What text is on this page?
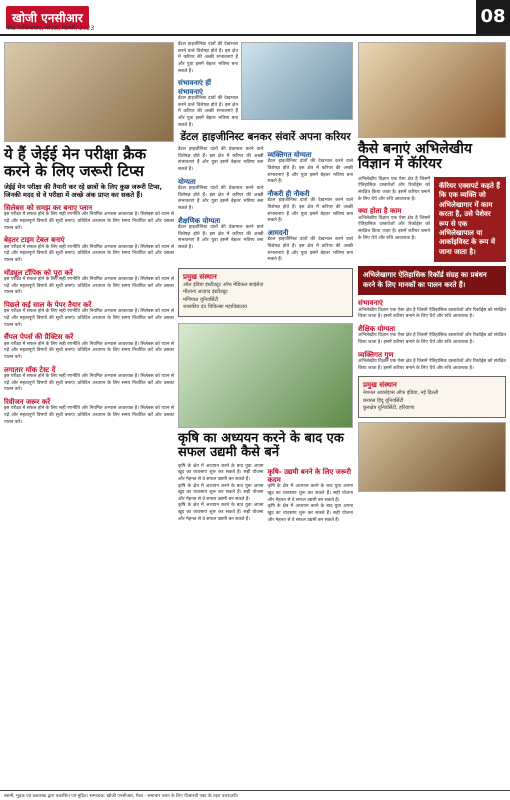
खोजी एनसीआर
मेरठ गाजियाबाद, नोएडा, दिल्ली, 2023
08
ये हैं जेईई मेन परीक्षा क्रैक करने के लिए जरूरी टिप्स

जेईई मेन परीक्षा की तैयारी कर रहे छात्रों के लिए कुछ जरूरी टिप्स, जिनकी मदद से वे परीक्षा में अच्छे अंक प्राप्त कर सकते हैं।

सिलेबस को समझ कर बनाए प्लान

इस परीक्षा में सफल होने के लिए सही रणनीति और नियमित अभ्यास आवश्यक है। सिलेबस को ध्यान से पढ़ें और महत्वपूर्ण विषयों की सूची बनाएं। प्रतिदिन अध्ययन के लिए समय निर्धारित करें और उसका पालन करें।

बेहतर टाइम टेबल बनाएं

इस परीक्षा में सफल होने के लिए सही रणनीति और नियमित अभ्यास आवश्यक है। सिलेबस को ध्यान से पढ़ें और महत्वपूर्ण विषयों की सूची बनाएं। प्रतिदिन अध्ययन के लिए समय निर्धारित करें और उसका पालन करें।

मॉड्यूल टॉपिक को पूरा करें

इस परीक्षा में सफल होने के लिए सही रणनीति और नियमित अभ्यास आवश्यक है। सिलेबस को ध्यान से पढ़ें और महत्वपूर्ण विषयों की सूची बनाएं। प्रतिदिन अध्ययन के लिए समय निर्धारित करें और उसका पालन करें।

पिछले कई साल के पेपर तैयार करें

इस परीक्षा में सफल होने के लिए सही रणनीति और नियमित अभ्यास आवश्यक है। सिलेबस को ध्यान से पढ़ें और महत्वपूर्ण विषयों की सूची बनाएं। प्रतिदिन अध्ययन के लिए समय निर्धारित करें और उसका पालन करें।

सैंपल पेपर्स की प्रैक्टिस करें

इस परीक्षा में सफल होने के लिए सही रणनीति और नियमित अभ्यास आवश्यक है। सिलेबस को ध्यान से पढ़ें और महत्वपूर्ण विषयों की सूची बनाएं। प्रतिदिन अध्ययन के लिए समय निर्धारित करें और उसका पालन करें।

लगातार मॉक टेस्ट दें

इस परीक्षा में सफल होने के लिए सही रणनीति और नियमित अभ्यास आवश्यक है। सिलेबस को ध्यान से पढ़ें और महत्वपूर्ण विषयों की सूची बनाएं। प्रतिदिन अध्ययन के लिए समय निर्धारित करें और उसका पालन करें।

रिवीजन जरूर करें

इस परीक्षा में सफल होने के लिए सही रणनीति और नियमित अभ्यास आवश्यक है। सिलेबस को ध्यान से पढ़ें और महत्वपूर्ण विषयों की सूची बनाएं। प्रतिदिन अध्ययन के लिए समय निर्धारित करें और उसका पालन करें।

डेंटल हाइजीनिस्ट दांतों की देखभाल करने वाले विशेषज्ञ होते हैं। इस क्षेत्र में करियर की अच्छी संभावनाएं हैं और युवा इसमें बेहतर भविष्य बना सकते हैं।

संभावनाएं हीं संभावनाएं

डेंटल हाइजीनिस्ट दांतों की देखभाल करने वाले विशेषज्ञ होते हैं। इस क्षेत्र में करियर की अच्छी संभावनाएं हैं और युवा इसमें बेहतर भविष्य बना सकते हैं।

डेंटल हाइजीनिस्ट बनकर संवारें अपना करियर

डेंटल हाइजीनिस्ट दांतों की देखभाल करने वाले विशेषज्ञ होते हैं। इस क्षेत्र में करियर की अच्छी संभावनाएं हैं और युवा इसमें बेहतर भविष्य बना सकते हैं।

योग्यता

डेंटल हाइजीनिस्ट दांतों की देखभाल करने वाले विशेषज्ञ होते हैं। इस क्षेत्र में करियर की अच्छी संभावनाएं हैं और युवा इसमें बेहतर भविष्य बना सकते हैं।

शैक्षणिक योग्यता

डेंटल हाइजीनिस्ट दांतों की देखभाल करने वाले विशेषज्ञ होते हैं। इस क्षेत्र में करियर की अच्छी संभावनाएं हैं और युवा इसमें बेहतर भविष्य बना सकते हैं।

व्यक्तिगत योग्यता

डेंटल हाइजीनिस्ट दांतों की देखभाल करने वाले विशेषज्ञ होते हैं। इस क्षेत्र में करियर की अच्छी संभावनाएं हैं और युवा इसमें बेहतर भविष्य बना सकते हैं।

नौकरी ही नौकरी

डेंटल हाइजीनिस्ट दांतों की देखभाल करने वाले विशेषज्ञ होते हैं। इस क्षेत्र में करियर की अच्छी संभावनाएं हैं और युवा इसमें बेहतर भविष्य बना सकते हैं।

आमदनी

डेंटल हाइजीनिस्ट दांतों की देखभाल करने वाले विशेषज्ञ होते हैं। इस क्षेत्र में करियर की अच्छी संभावनाएं हैं और युवा इसमें बेहतर भविष्य बना सकते हैं।

प्रमुख संस्थान
ऑल इंडिया इंस्टीट्यूट ऑफ मेडिकल साइंसेज़
मौलाना आज़ाद इंस्टीट्यूट
मणिपाल यूनिवर्सिटी
शासकीय दंत चिकित्सा महाविद्यालय
कृषि का अध्ययन करने के बाद एक सफल उद्यमी कैसे बनें

कृषि के क्षेत्र में अध्ययन करने के बाद युवा अपना खुद का व्यवसाय शुरू कर सकते हैं। सही योजना और मेहनत से वे सफल उद्यमी बन सकते हैं।

कृषि के क्षेत्र में अध्ययन करने के बाद युवा अपना खुद का व्यवसाय शुरू कर सकते हैं। सही योजना और मेहनत से वे सफल उद्यमी बन सकते हैं।

कृषि के क्षेत्र में अध्ययन करने के बाद युवा अपना खुद का व्यवसाय शुरू कर सकते हैं। सही योजना और मेहनत से वे सफल उद्यमी बन सकते हैं।

कृषि- उद्यमी बनने के लिए जरूरी कदम

कृषि के क्षेत्र में अध्ययन करने के बाद युवा अपना खुद का व्यवसाय शुरू कर सकते हैं। सही योजना और मेहनत से वे सफल उद्यमी बन सकते हैं।

कृषि के क्षेत्र में अध्ययन करने के बाद युवा अपना खुद का व्यवसाय शुरू कर सकते हैं। सही योजना और मेहनत से वे सफल उद्यमी बन सकते हैं।

कैसे बनाएं अभिलेखीय विज्ञान में कॅरियर

अभिलेखीय विज्ञान एक ऐसा क्षेत्र है जिसमें ऐतिहासिक दस्तावेजों और रिकॉर्ड्स को संरक्षित किया जाता है। इसमें करियर बनाने के लिए धैर्य और रुचि आवश्यक है।

क्या होता है काम

अभिलेखीय विज्ञान एक ऐसा क्षेत्र है जिसमें ऐतिहासिक दस्तावेजों और रिकॉर्ड्स को संरक्षित किया जाता है। इसमें करियर बनाने के लिए धैर्य और रुचि आवश्यक है।

कॅरियर एक्सपर्ट कहते हैं कि एक व्यक्ति जो अभिलेखागार में काम करता है, उसे पेशेवर रूप से एक अभिलेखापाल या आर्काइविस्ट के रूप में जाना जाता है।
अभिलेखागार ऐतिहासिक रिकॉर्ड संग्रह का प्रबंधन करने के लिए मानकों का पालन करते हैं।
संभावनाएं

अभिलेखीय विज्ञान एक ऐसा क्षेत्र है जिसमें ऐतिहासिक दस्तावेजों और रिकॉर्ड्स को संरक्षित किया जाता है। इसमें करियर बनाने के लिए धैर्य और रुचि आवश्यक है।

शैक्षिक योग्यता

अभिलेखीय विज्ञान एक ऐसा क्षेत्र है जिसमें ऐतिहासिक दस्तावेजों और रिकॉर्ड्स को संरक्षित किया जाता है। इसमें करियर बनाने के लिए धैर्य और रुचि आवश्यक है।

व्यक्तिगत गुण

अभिलेखीय विज्ञान एक ऐसा क्षेत्र है जिसमें ऐतिहासिक दस्तावेजों और रिकॉर्ड्स को संरक्षित किया जाता है। इसमें करियर बनाने के लिए धैर्य और रुचि आवश्यक है।

प्रमुख संस्थान
नेशनल आर्काइव्स ऑफ इंडिया, नई दिल्ली
बनारस हिंदू यूनिवर्सिटी
कुरुक्षेत्र यूनिवर्सिटी, हरियाणा
स्वामी, मुद्रक एवं प्रकाशक द्वारा प्रकाशित एवं मुद्रित। सम्पादक: खोजी एनसीआर, मेरठ - समाचार चयन के लिए पीआरबी एक्ट के तहत उत्तरदायी।
